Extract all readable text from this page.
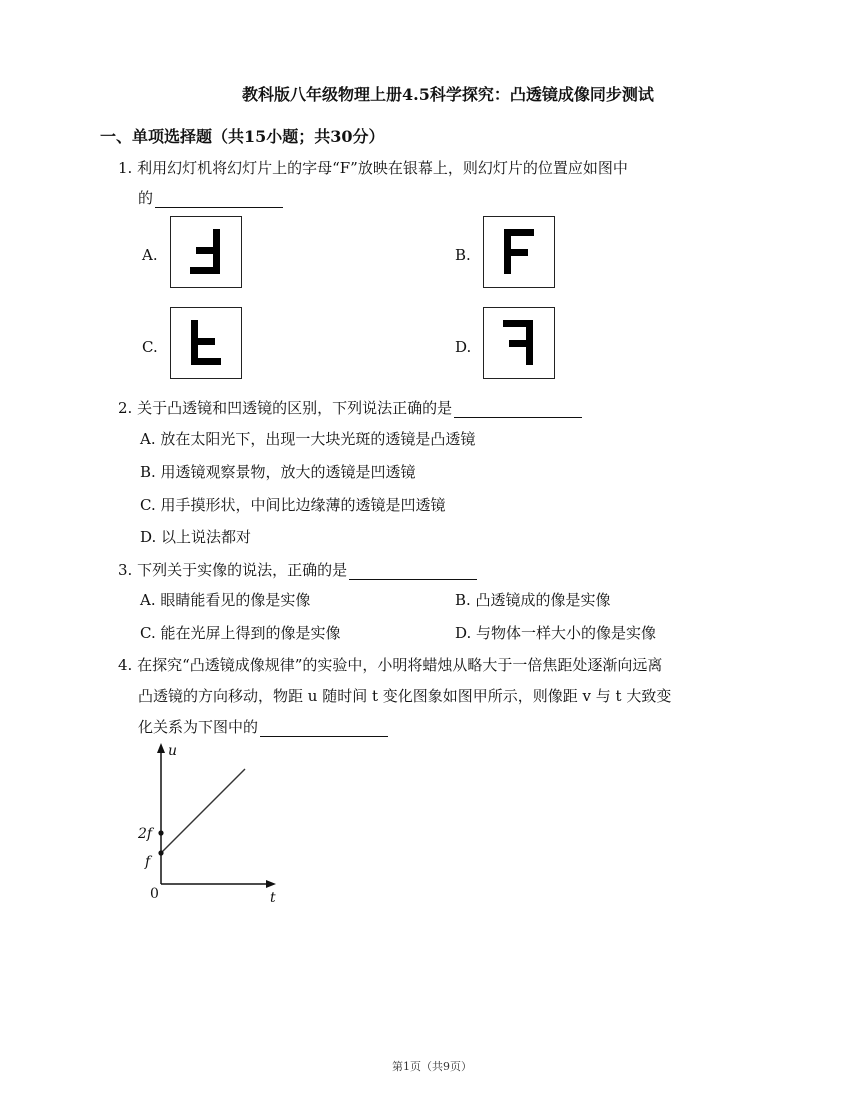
教科版八年级物理上册4.5科学探究：凸透镜成像同步测试
一、单项选择题（共15小题；共30分）
1. 利用幻灯机将幻灯片上的字母“F”放映在银幕上，则幻灯片的位置应如图中
的
A.	B.
C.	D.
2. 关于凸透镜和凹透镜的区别，下列说法正确的是
A. 放在太阳光下，出现一大块光斑的透镜是凸透镜
B. 用透镜观察景物，放大的透镜是凹透镜
C. 用手摸形状，中间比边缘薄的透镜是凹透镜
D. 以上说法都对
3. 下列关于实像的说法，正确的是
A. 眼睛能看见的像是实像	B. 凸透镜成的像是实像
C. 能在光屏上得到的像是实像	D. 与物体一样大小的像是实像
4. 在探究“凸透镜成像规律”的实验中，小明将蜡烛从略大于一倍焦距处逐渐向远离
凸透镜的方向移动，物距 u 随时间 t 变化图象如图甲所示，则像距 v 与 t 大致变
化关系为下图中的
u
t
0
2f
f
第1页（共9页）
